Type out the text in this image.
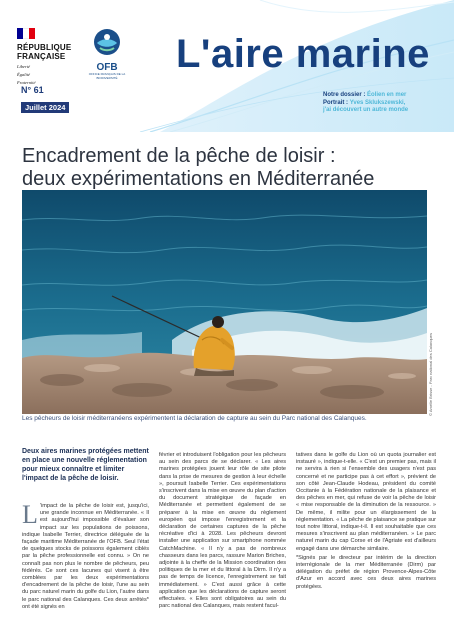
RÉPUBLIQUE
FRANÇAISE
Liberté
Égalité
Fraternité
OFB
OFFICE FRANÇAIS DE LA BIODIVERSITÉ
N° 61
Juillet 2024
L'aire marine
Notre dossier : Éolien en mer
Portrait : Yves Sklukszewski,
j'ai découvert un autre monde
Encadrement de la pêche de loisir :
deux expérimentations en Méditerranée
© Amélie Brisse - Parc national des Calanques
Les pêcheurs de loisir méditerranéens expérimentent la déclaration de capture au sein du Parc national des Calanques.
Deux aires marines protégées mettent en place une nouvelle réglementation pour mieux connaître et limiter l'impact de la pêche de loisir.
L 'impact de la pêche de loisir est, jusqu'ici, une grande inconnue en Méditerranée. « Il est aujourd'hui impossible d'évaluer son impact sur les populations de poissons, indique Isabelle Terrier, directrice déléguée de la façade maritime Méditerranée de l'OFB. Seul l'état de quelques stocks de poissons également ciblés par la pêche professionnelle est connu. » On ne connaît pas non plus le nombre de pêcheurs, peu fédérés. Ce sont ces lacunes qui visent à être comblées par les deux expérimentations d'encadrement de la pêche de loisir, l'une au sein du parc naturel marin du golfe du Lion, l'autre dans le parc national des Calanques. Ces deux arrêtés* ont été signés en
février et introduisent l'obligation pour les pêcheurs au sein des parcs de se déclarer. « Les aires marines protégées jouent leur rôle de site pilote dans la prise de mesures de gestion à leur échelle », poursuit Isabelle Terrier. Ces expérimentations s'inscrivent dans la mise en œuvre du plan d'action du document stratégique de façade en Méditerranée et permettent également de se préparer à la mise en œuvre du règlement européen qui impose l'enregistrement et la déclaration de certaines captures de la pêche récréative d'ici à 2028. Les pêcheurs devront installer une application sur smartphone nommée CatchMachine. « Il n'y a pas de nombreux chasseurs dans les parcs, rassure Marion Briches, adjointe à la cheffe de la Mission coordination des politiques de la mer et du littoral à la Dirm. Il n'y a pas de temps de licence, l'enregistrement se fait immédiatement. » C'est aussi grâce à cette application que les déclarations de capture seront effectuées. « Elles sont obligatoires au sein du parc national des Calanques, mais restent facul-

tatives dans le golfe du Lion où un quota journalier est instauré », indique-t-elle. « C'est un premier pas, mais il ne servira à rien si l'ensemble des usagers n'est pas concerné et ne participe pas à cet effort », prévient de son côté Jean-Claude Hodeau, président du comité Occitanie à la Fédération nationale de la plaisance et des pêches en mer, qui refuse de voir la pêche de loisir « mise responsable de la diminution de la ressource. » De même, il milite pour un élargissement de la réglementation. « La pêche de plaisance se pratique sur tout notre littoral, indique-t-il. Il est souhaitable que ces mesures s'inscrivent au plan méditerranéen. » Le parc naturel marin du cap Corse et de l'Agriate est d'ailleurs engagé dans une démarche similaire.

*Signés par le directeur par intérim de la direction interrégionale de la mer Méditerranée (Dirm) par délégation du préfet de région Provence-Alpes-Côte d'Azur en accord avec ces deux aires marines protégées.
